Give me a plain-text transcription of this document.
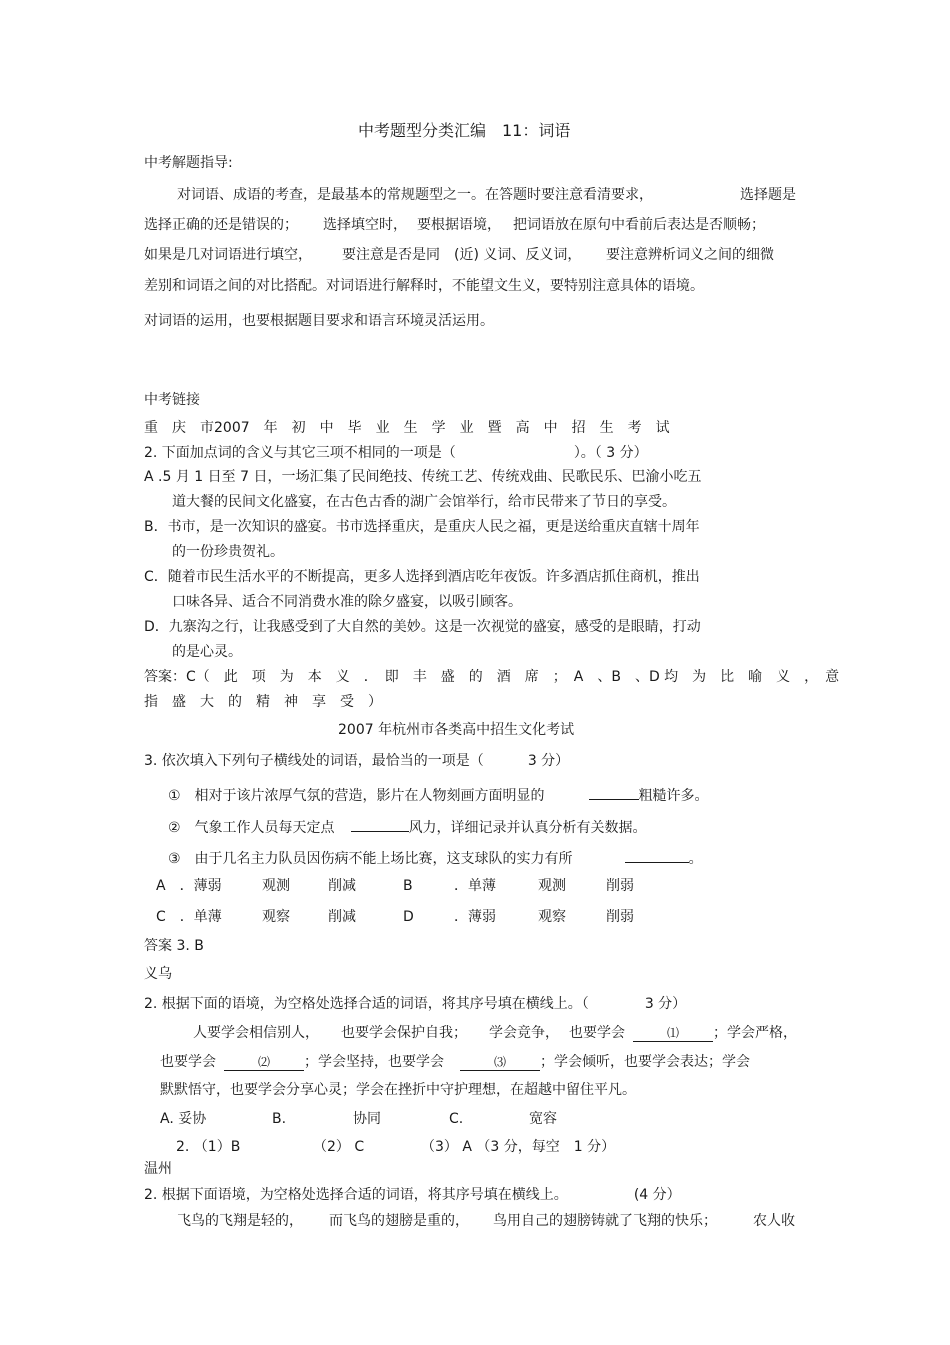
中考题型分类汇编　11：词语
中考解题指导:
对词语、成语的考查，是最基本的常规题型之一。在答题时要注意看清要求，	选择题是
选择正确的还是错误的； 选择填空时， 要根据语境， 把词语放在原句中看前后表达是否顺畅；
如果是几对词语进行填空， 要注意是否是同　(近) 义词、反义词， 要注意辨析词义之间的细微
差别和词语之间的对比搭配。对词语进行解释时，不能望文生义，要特别注意具体的语境。
对词语的运用，也要根据题目要求和语言环境灵活运用。
中考链接
重　庆　市2007　年　初　中　毕　业　生　学　业　暨　高　中　招　生　考　试
2. 下面加点词的含义与其它三项不相同的一项是（	）。（ 3 分）
A .5 月 1 日至 7 日，一场汇集了民间绝技、传统工艺、传统戏曲、民歌民乐、巴渝小吃五
道大餐的民间文化盛宴，在古色古香的湖广会馆举行，给市民带来了节日的享受。
B．书市，是一次知识的盛宴。书市选择重庆，是重庆人民之福，更是送给重庆直辖十周年
的一份珍贵贺礼。
C．随着市民生活水平的不断提高，更多人选择到酒店吃年夜饭。许多酒店抓住商机，推出
口味各异、适合不同消费水准的除夕盛宴，以吸引顾客。
D．九寨沟之行，让我感受到了大自然的美妙。这是一次视觉的盛宴，感受的是眼睛，打动
的是心灵。
答案：C（　此　项　为　本　义　．　即　丰　盛　的　酒　席　；　A　、B　、D 均　为　比　喻　义　，　意
指　盛　大　的　精　神　享　受　）
2007 年杭州市各类高中招生文化考试
3. 依次填入下列句子横线处的词语，最恰当的一项是（	3 分）
①　相对于该片浓厚气氛的营造，影片在人物刻画方面明显的	粗糙许多。
②　气象工作人员每天定点	风力，详细记录并认真分析有关数据。
③　由于几名主力队员因伤病不能上场比赛，这支球队的实力有所	。
A　．薄弱	观测	削减	B	．单薄	观测	削弱
C　．单薄	观察	削减	D	．薄弱	观察	削弱
答案 3. B
义乌
2. 根据下面的语境，为空格处选择合适的词语，将其序号填在横线上。（	3 分）
人要学会相信别人， 也要学会保护自我； 学会竞争， 也要学会	⑴ ；学会严格，
也要学会	⑵ ；学会坚持，也要学会	⑶ ；学会倾听，也要学会表达；学会
默默悟守，也要学会分享心灵；学会在挫折中守护理想，在超越中留住平凡。
A. 妥协	B.	协同	C.	宽容
2. （1）B	（2） C	（3） A （3 分，每空　1 分）
温州
2. 根据下面语境，为空格处选择合适的词语，将其序号填在横线上。	(4 分）
飞鸟的飞翔是轻的， 而飞鸟的翅膀是重的， 鸟用自己的翅膀铸就了飞翔的快乐；	农人收
